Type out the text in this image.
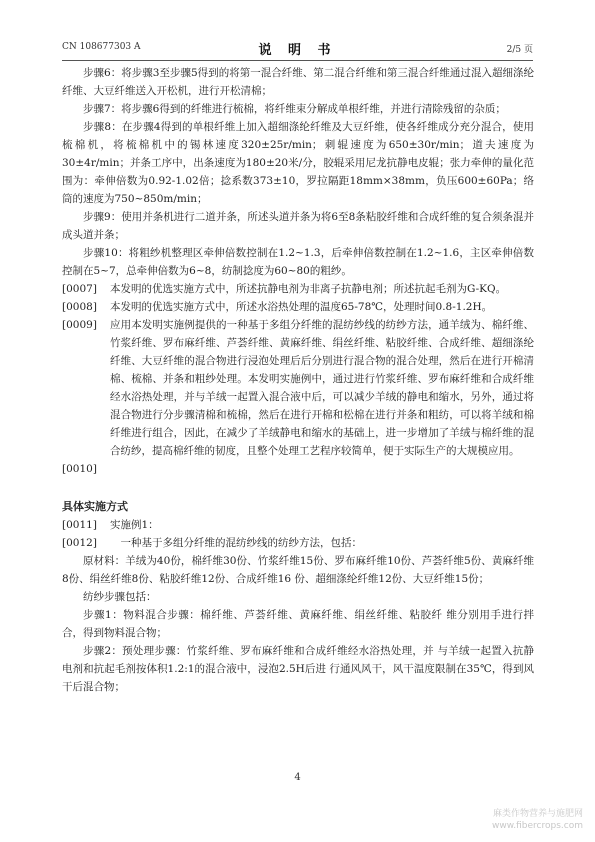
CN 108677303 A	说 明 书	2/5 页

步骤6：将步骤3至步骤5得到的将第一混合纤维、第二混合纤维和第三混合纤维通过混入超细涤纶纤维、大豆纤维送入开松机，进行开松清棉；

步骤7：将步骤6得到的纤维进行梳棉，将纤维束分解成单根纤维，并进行清除残留的杂质；

步骤8：在步骤4得到的单根纤维上加入超细涤纶纤维及大豆纤维，使各纤维成分充分混合，使用梳棉机，将梳棉机中的锡林速度320±25r/min；刺辊速度为650±30r/min；道夫速度为30±4r/min；并条工序中，出条速度为180±20米/分，胶辊采用尼龙抗静电皮辊；张力牵伸的量化范围为：牵伸倍数为0.92-1.02倍；捻系数373±10，罗拉隔距18mm×38mm，负压600±60Pa；络筒的速度为750~850m/min；

步骤9：使用并条机进行二道并条，所述头道并条为将6至8条粘胶纤维和合成纤维的复合须条混并成头道并条；

步骤10：将粗纱机整理区牵伸倍数控制在1.2~1.3，后牵伸倍数控制在1.2~1.6，主区牵伸倍数控制在5~7，总牵伸倍数为6~8，纺制捻度为60~80的粗纱。

[0007]	本发明的优选实施方式中，所述抗静电剂为非离子抗静电剂；所述抗起毛剂为G-KQ。

[0008]	本发明的优选实施方式中，所述水浴热处理的温度65-78℃，处理时间0.8-1.2H。

[0009]	应用本发明实施例提供的一种基于多组分纤维的混纺纱线的纺纱方法，通羊绒为、棉纤维、竹浆纤维、罗布麻纤维、芦荟纤维、黄麻纤维、绢丝纤维、粘胶纤维、合成纤维、超细涤纶纤维、大豆纤维的混合物进行浸泡处理后后分别进行混合物的混合处理，然后在进行开棉清棉、梳棉、并条和粗纱处理。本发明实施例中，通过进行竹浆纤维、罗布麻纤维和合成纤维经水浴热处理，并与羊绒一起置入混合液中后，可以减少羊绒的静电和缩水，另外，通过将混合物进行分步骤清棉和梳棉，然后在进行开棉和松棉在进行并条和粗纺，可以将羊绒和棉纤维进行组合，因此，在减少了羊绒静电和缩水的基础上，进一步增加了羊绒与棉纤维的混合纺纱，提高棉纤维的韧度，且整个处理工艺程序较简单，便于实际生产的大规模应用。

[0010]

具体实施方式
[0011]	实施例1：

[0012]	一种基于多组分纤维的混纺纱线的纺纱方法，包括：

原材料：羊绒为40份，棉纤维30份、竹浆纤维15份、罗布麻纤维10份、芦荟纤维5份、黄麻纤维8份、绢丝纤维8份、粘胶纤维12份、合成纤维16 份、超细涤纶纤维12份、大豆纤维15份；

纺纱步骤包括：

步骤1：物料混合步骤：棉纤维、芦荟纤维、黄麻纤维、绢丝纤维、粘胶纤 维分别用手进行拌合，得到物料混合物；

步骤2：预处理步骤：竹浆纤维、罗布麻纤维和合成纤维经水浴热处理，并 与羊绒一起置入抗静电剂和抗起毛剂按体积1.2:1的混合液中，浸泡2.5H后进 行通风风干，风干温度限制在35℃，得到风干后混合物；

4
麻类作物营养与施肥网
www.fibercrops.com
